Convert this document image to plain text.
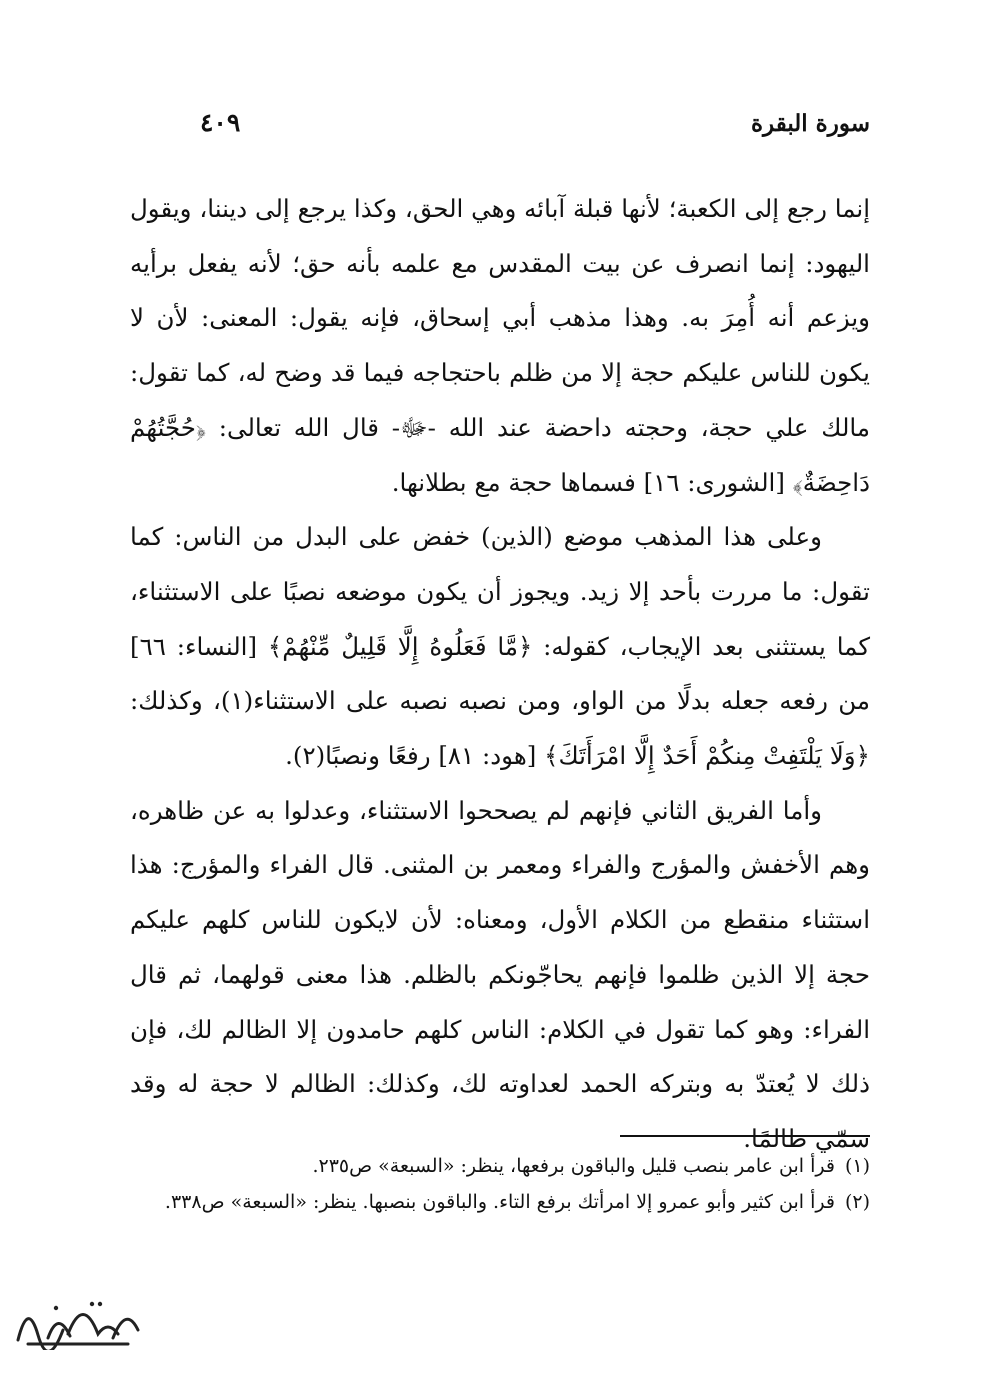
سورة البقرة
٤٠٩

إنما رجع إلى الكعبة؛ لأنها قبلة آبائه وهي الحق، وكذا يرجع إلى ديننا، ويقول اليهود: إنما انصرف عن بيت المقدس مع علمه بأنه حق؛ لأنه يفعل برأيه ويزعم أنه أُمِرَ به. وهذا مذهب أبي إسحاق، فإنه يقول: المعنى: لأن لا يكون للناس عليكم حجة إلا من ظلم باحتجاجه فيما قد وضح له، كما تقول: مالك علي حجة، وحجته داحضة عند الله -ﷻ- قال الله تعالى: ﴿حُجَّتُهُمْ دَاحِضَةٌ﴾ [الشورى: ١٦] فسماها حجة مع بطلانها.

وعلى هذا المذهب موضع (الذين) خفض على البدل من الناس: كما تقول: ما مررت بأحد إلا زيد. ويجوز أن يكون موضعه نصبًا على الاستثناء، كما يستثنى بعد الإيجاب، كقوله: ﴿مَّا فَعَلُوهُ إِلَّا قَلِيلٌ مِّنْهُمْ﴾ [النساء: ٦٦] من رفعه جعله بدلًا من الواو، ومن نصبه نصبه على الاستثناء(١)، وكذلك: ﴿وَلَا يَلْتَفِتْ مِنكُمْ أَحَدٌ إِلَّا امْرَأَتَكَ﴾ [هود: ٨١] رفعًا ونصبًا(٢).

وأما الفريق الثاني فإنهم لم يصححوا الاستثناء، وعدلوا به عن ظاهره، وهم الأخفش والمؤرج والفراء ومعمر بن المثنى. قال الفراء والمؤرج: هذا استثناء منقطع من الكلام الأول، ومعناه: لأن لايكون للناس كلهم عليكم حجة إلا الذين ظلموا فإنهم يحاجّونكم بالظلم. هذا معنى قولهما، ثم قال الفراء: وهو كما تقول في الكلام: الناس كلهم حامدون إلا الظالم لك، فإن ذلك لا يُعتدّ به وبتركه الحمد لعداوته لك، وكذلك: الظالم لا حجة له وقد سمّي ظالمًا.

(١)
قرأ ابن عامر بنصب قليل والباقون برفعها، ينظر: «السبعة» ص٢٣٥.
(٢)
قرأ ابن كثير وأبو عمرو إلا امرأتك برفع التاء. والباقون بنصبها. ينظر: «السبعة» ص٣٣٨.
